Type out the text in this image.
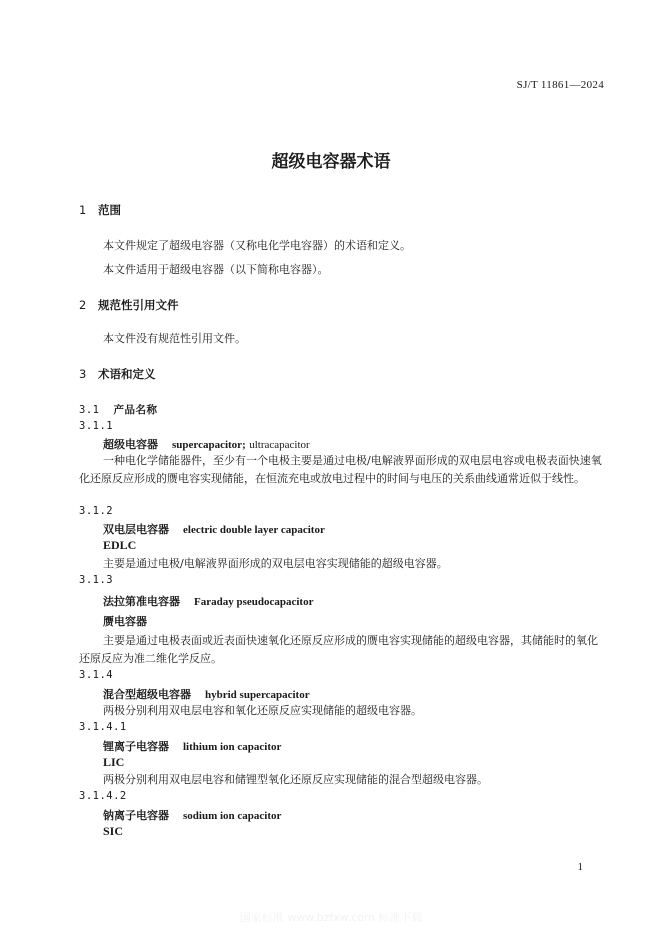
SJ/T 11861—2024
超级电容器术语
1 范围
本文件规定了超级电容器（又称电化学电容器）的术语和定义。
本文件适用于超级电容器（以下简称电容器）。
2 规范性引用文件
本文件没有规范性引用文件。
3 术语和定义
3.1 产品名称
3.1.1
超级电容器 supercapacitor; ultracapacitor
一种电化学储能器件，至少有一个电极主要是通过电极/电解液界面形成的双电层电容或电极表面快速氧化还原反应形成的赝电容实现储能，在恒流充电或放电过程中的时间与电压的关系曲线通常近似于线性。
3.1.2
双电层电容器 electric double layer capacitor
EDLC
主要是通过电极/电解液界面形成的双电层电容实现储能的超级电容器。
3.1.3
法拉第准电容器 Faraday pseudocapacitor
赝电容器
主要是通过电极表面或近表面快速氧化还原反应形成的赝电容实现储能的超级电容器，其储能时的氧化还原反应为准二维化学反应。
3.1.4
混合型超级电容器 hybrid supercapacitor
两极分别利用双电层电容和氧化还原反应实现储能的超级电容器。
3.1.4.1
锂离子电容器 lithium ion capacitor
LIC
两极分别利用双电层电容和储锂型氧化还原反应实现储能的混合型超级电容器。
3.1.4.2
钠离子电容器 sodium ion capacitor
SIC
1
国家标准 www.bzfxw.com 标准下载
